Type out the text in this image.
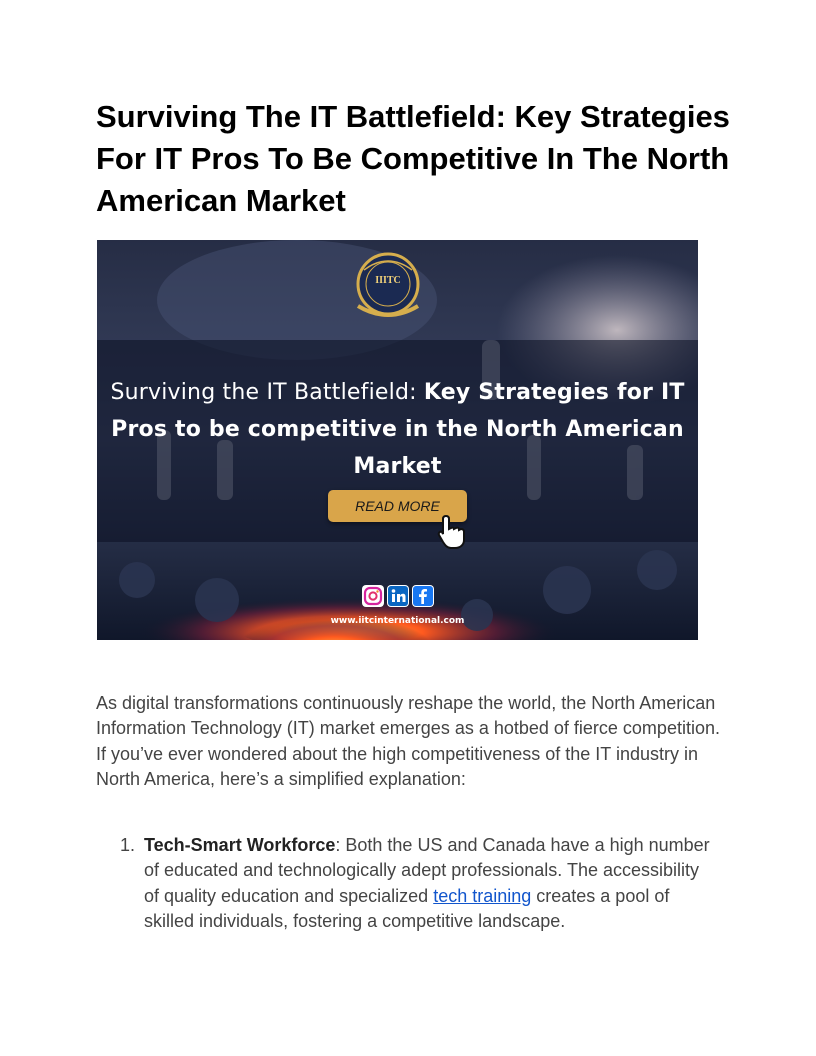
Surviving The IT Battlefield: Key Strategies For IT Pros To Be Competitive In The North American Market
IIITC
Surviving the IT Battlefield: Key Strategies for IT Pros to be competitive in the North American Market
READ MORE
www.iitcinternational.com

As digital transformations continuously reshape the world, the North American Information Technology (IT) market emerges as a hotbed of fierce competition. If you’ve ever wondered about the high competitiveness of the IT industry in North America, here’s a simplified explanation:

1. Tech-Smart Workforce: Both the US and Canada have a high number of educated and technologically adept professionals. The accessibility of quality education and specialized tech training creates a pool of skilled individuals, fostering a competitive landscape.
